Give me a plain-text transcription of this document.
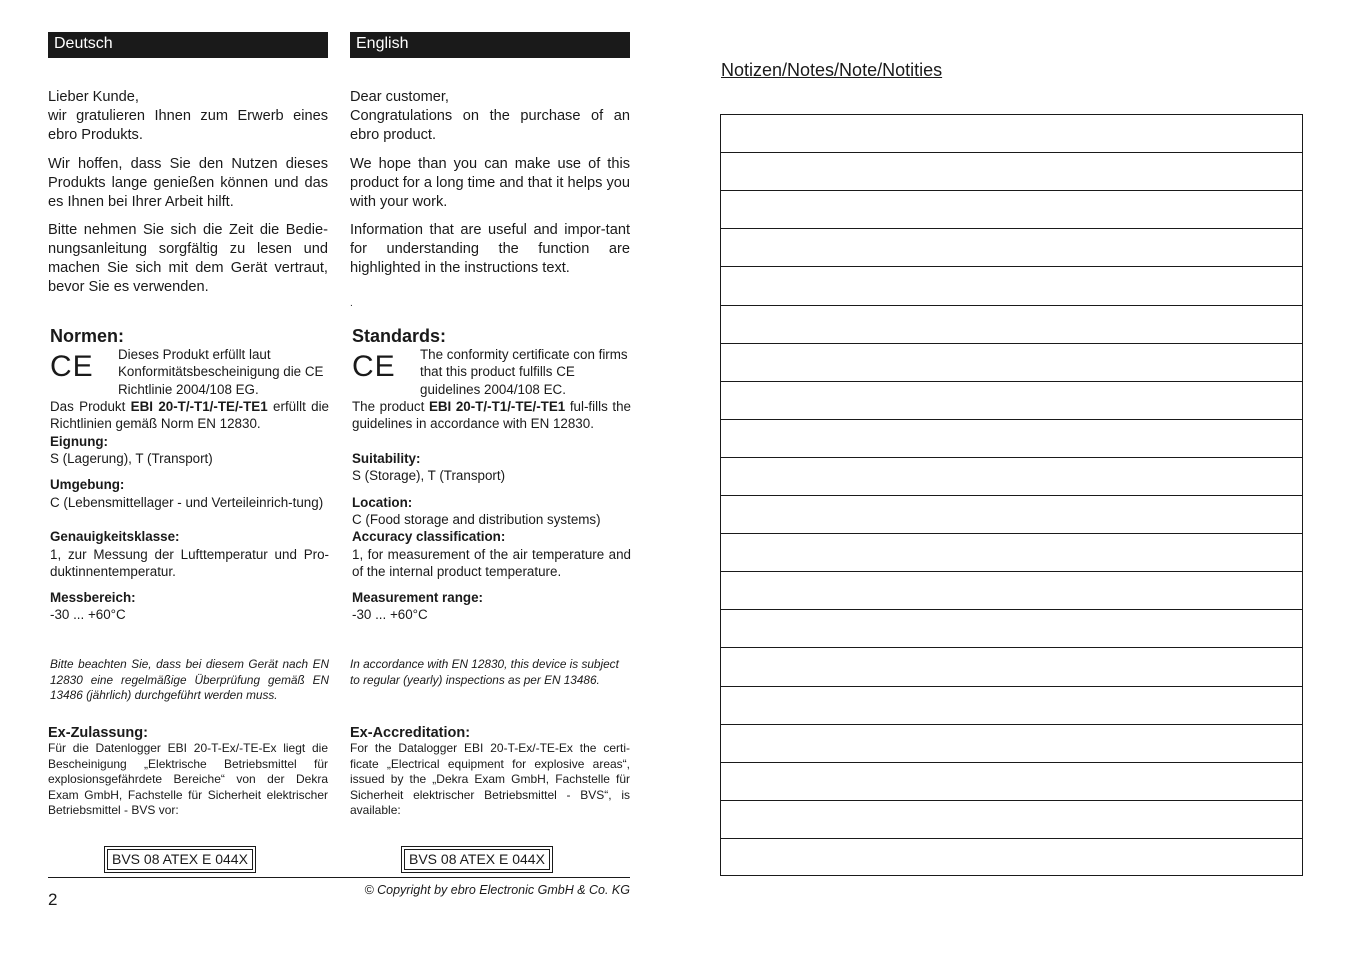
Deutsch

Lieber Kunde,
wir gratulieren Ihnen zum Erwerb eines ebro Produkts.

Wir hoffen, dass Sie den Nutzen dieses Produkts lange genießen können und das es Ihnen bei Ihrer Arbeit hilft.

Bitte nehmen Sie sich die Zeit die Bedie-nungsanleitung sorgfältig zu lesen und machen Sie sich mit dem Gerät vertraut, bevor Sie es verwenden.

Normen:

CE Dieses Produkt erfüllt laut Konformitätsbescheinigung die CE Richtlinie 2004/108 EG.

Das Produkt EBI 20-T/-T1/-TE/-TE1 erfüllt die Richtlinien gemäß Norm EN 12830.

Eignung:

S (Lagerung), T (Transport)

Umgebung:

C (Lebensmittellager - und Verteileinrich-tung)

Genauigkeitsklasse:

1, zur Messung der Lufttemperatur und Pro-duktinnentemperatur.

Messbereich:

-30 ... +60°C

Bitte beachten Sie, dass bei diesem Gerät nach EN 12830 eine regelmäßige Überprüfung gemäß EN 13486 (jährlich) durchgeführt werden muss.

Ex-Zulassung:

Für die Datenlogger EBI 20-T-Ex/-TE-Ex liegt die Bescheinigung „Elektrische Betriebsmittel für explosionsgefährdete Bereiche“ von der Dekra Exam GmbH, Fachstelle für Sicherheit elektrischer Betriebsmittel - BVS vor:

BVS 08 ATEX E 044X
English

Dear customer,
Congratulations on the purchase of an ebro product.

We hope than you can make use of this product for a long time and that it helps you with your work.

Information that are useful and impor-tant for understanding the function are highlighted in the instructions text.

.

Standards:

CE The conformity certificate con firms that this product fulfills CE guidelines 2004/108 EC.

The product EBI 20-T/-T1/-TE/-TE1 ful-fills the guidelines in accordance with EN 12830.

Suitability:

S (Storage), T (Transport)

Location:

C (Food storage and distribution systems)

Accuracy classification:

1, for measurement of the air temperature and of the internal product temperature.

Measurement range:

-30 ... +60°C

In accordance with EN 12830, this device is subject to regular (yearly) inspections as per EN 13486.

Ex-Accreditation:

For the Datalogger EBI 20-T-Ex/-TE-Ex the certi-ficate „Electrical equipment for explosive areas“, issued by the „Dekra Exam GmbH, Fachstelle für Sicherheit elektrischer Betriebsmittel - BVS“, is available:

BVS 08 ATEX E 044X

© Copyright by ebro Electronic GmbH & Co. KG

2

Notizen/Notes/Note/Notities
